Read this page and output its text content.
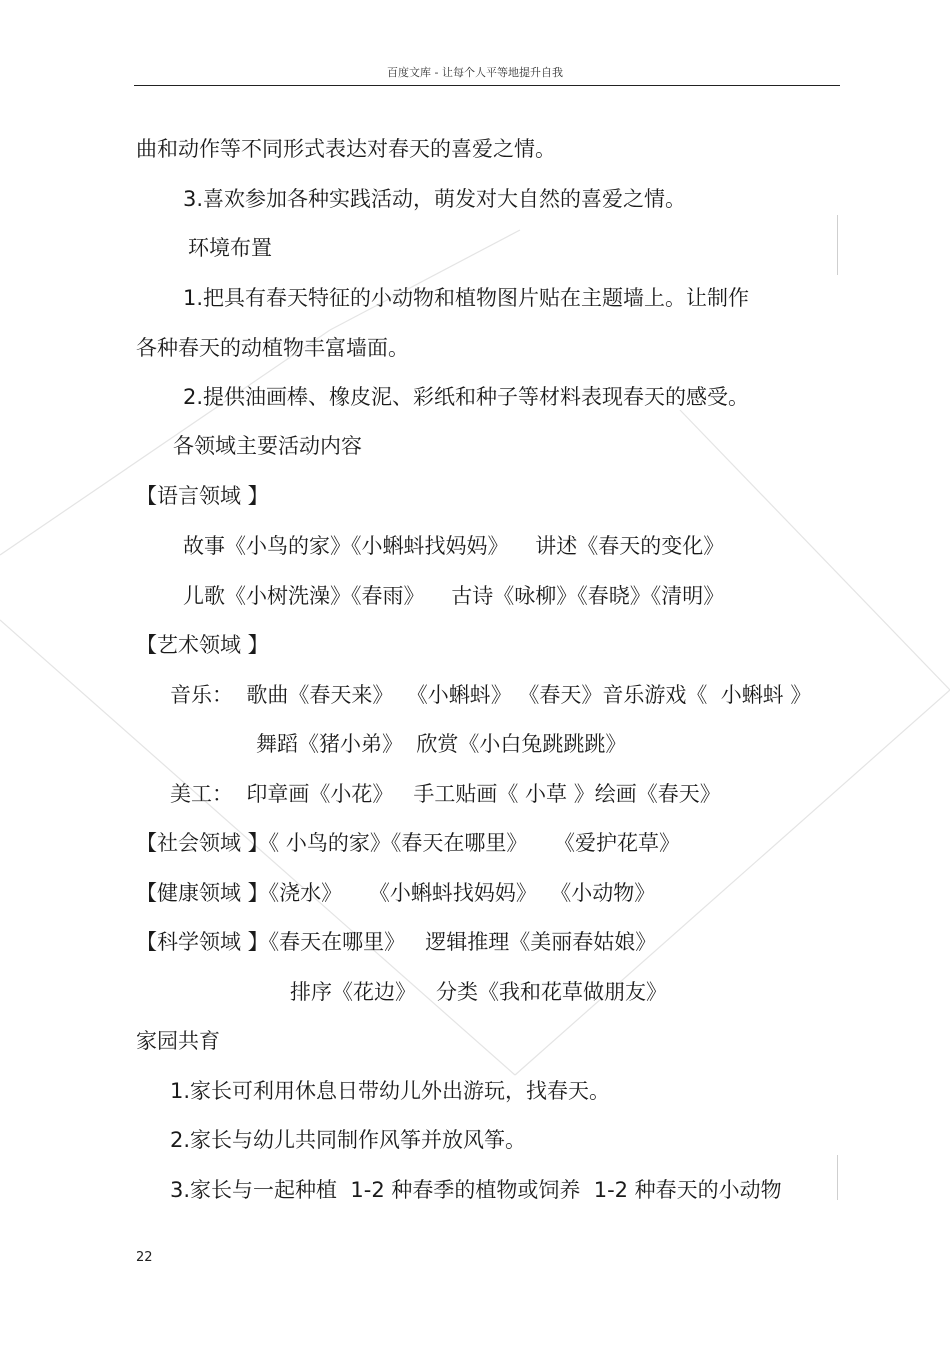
百度文库 - 让每个人平等地提升自我
曲和动作等不同形式表达对春天的喜爱之情。
3.喜欢参加各种实践活动，萌发对大自然的喜爱之情。
环境布置
1.把具有春天特征的小动物和植物图片贴在主题墙上。让制作
各种春天的动植物丰富墙面。
2.提供油画棒、橡皮泥、彩纸和种子等材料表现春天的感受。
各领域主要活动内容
【语言领域 】
故事《小鸟的家》《小蝌蚪找妈妈》    讲述《春天的变化》
儿歌《小树洗澡》《春雨》    古诗《咏柳》《春晓》《清明》
【艺术领域 】
音乐：  歌曲《春天来》  《小蝌蚪》 《春天》音乐游戏《  小蝌蚪 》
舞蹈《猪小弟》  欣赏《小白兔跳跳跳》
美工：  印章画《小花》   手工贴画《 小草 》绘画《春天》
【社会领域 】《 小鸟的家》《春天在哪里》    《爱护花草》
【健康领域 】《浇水》    《小蝌蚪找妈妈》  《小动物》
【科学领域 】《春天在哪里》   逻辑推理《美丽春姑娘》
排序《花边》   分类《我和花草做朋友》
家园共育
1.家长可利用休息日带幼儿外出游玩，找春天。
2.家长与幼儿共同制作风筝并放风筝。
3.家长与一起种植  1-2 种春季的植物或饲养  1-2 种春天的小动物
22
